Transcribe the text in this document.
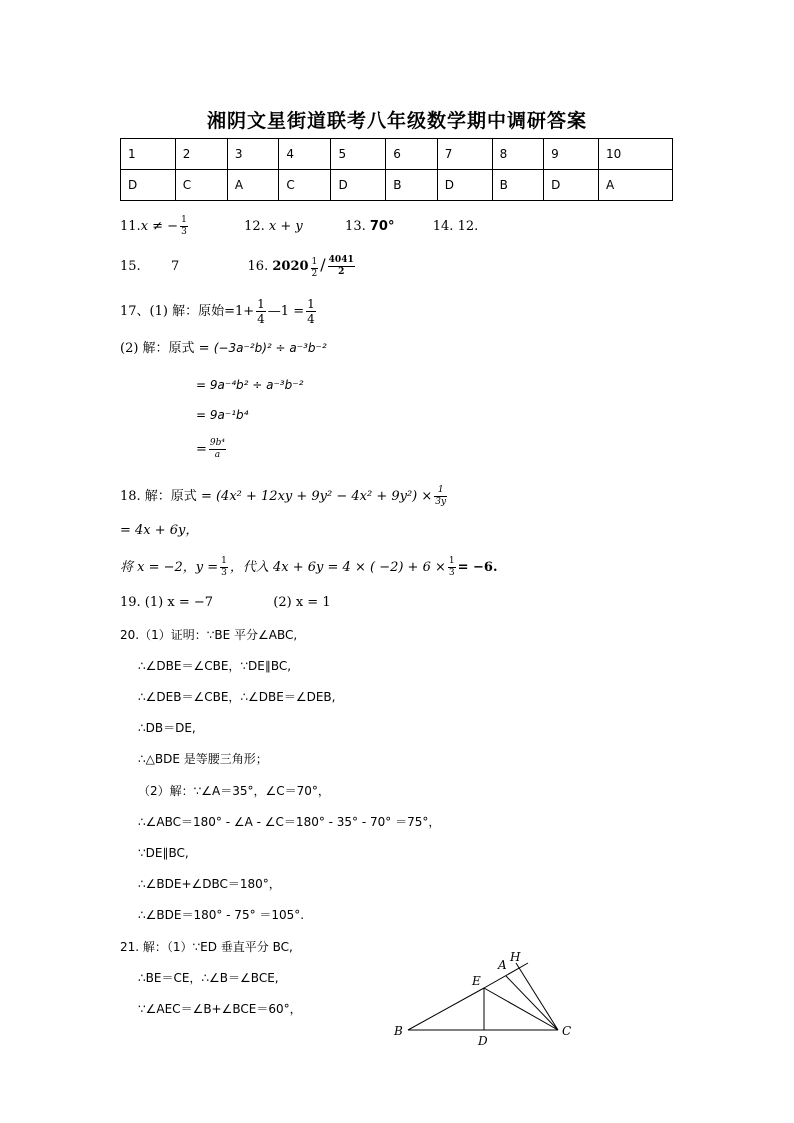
湘阴文星街道联考八年级数学期中调研答案
1	2	3	4	5	6	7	8	9	10
D	C	A	C	D	B	D	B	D	A
11.x ≠ − $\frac{1}{3}$	12. x + y	13. 70°	14. 12.
15. 7	16. $2020 \frac{1}{2} / \frac{4041}{2}$
17、(1) 解：原始$=1+ \frac{1}{4}$ —1 = $\frac{1}{4}$
(2) 解：原式 = (−3a⁻²b)² ÷ a⁻³b⁻²
= 9a⁻⁴b² ÷ a⁻³b⁻²
= 9a⁻¹b⁴
= $\frac{\text{9b⁴}}{a}$
18. 解：原式 = $(4x^2 + 12xy + 9y^2 - 4x^2 + 9y^2) \times \frac{1}{3y}$
= 4x + 6y，
将 x = −2，$y = \frac{1}{3}$ ，代入 4x + 6y = 4 × ( $-2) + 6 \times \frac{1}{3} = -6$.
19. (1) x = −7	(2) x = 1
20.（1）证明：∵BE 平分∠ABC,
∴∠DBE＝∠CBE，∵DE∥BC,
∴∠DEB＝∠CBE，∴∠DBE＝∠DEB,
∴DB＝DE,
∴△BDE 是等腰三角形；
（2）解：∵∠A＝35°，∠C＝70°，
∴∠ABC＝180° - ∠A - ∠C＝180° - 35° - 70° ＝75°，
∵DE∥BC,
∴∠BDE+∠DBC＝180°，
∴∠BDE＝180° - 75° ＝105°.
21. 解：（1）∵ED 垂直平分 BC,
∴BE＝CE，∴∠B＝∠BCE,
∵∠AEC＝∠B+∠BCE＝60°，
B	C
D
E
A
H
